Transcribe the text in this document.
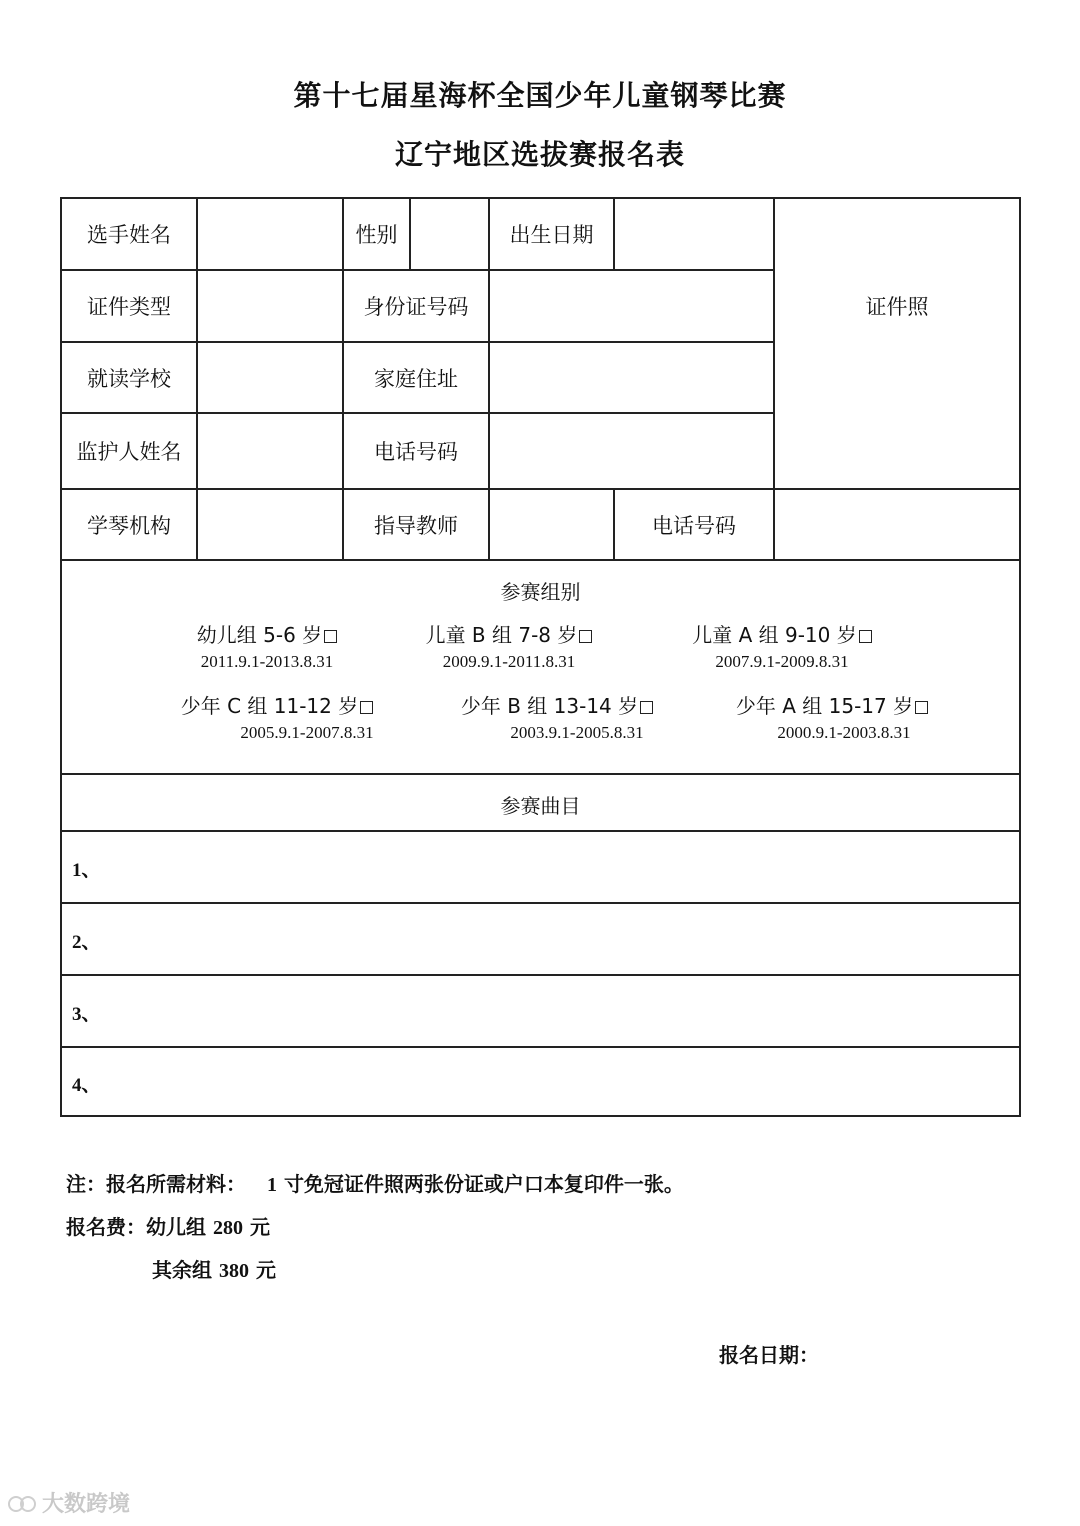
第十七届星海杯全国少年儿童钢琴比赛
辽宁地区选拔赛报名表
选手姓名	性别	出生日期
证件照
证件类型	身份证号码
就读学校	家庭住址
监护人姓名	电话号码
学琴机构	指导教师	电话号码
参赛组别
幼儿组 5-6 岁
2011.9.1-2013.8.31
儿童 B 组 7-8 岁
2009.9.1-2011.8.31
儿童 A 组 9-10 岁
2007.9.1-2009.8.31
少年 C 组 11-12 岁
2005.9.1-2007.8.31
少年 B 组 13-14 岁
2003.9.1-2005.8.31
少年 A 组 15-17 岁
2000.9.1-2003.8.31
参赛曲目
1、
2、
3、
4、
注：报名所需材料： 1 寸免冠证件照两张份证或户口本复印件一张。
报名费：幼儿组 280 元
其余组 380 元
报名日期：
大数跨境
